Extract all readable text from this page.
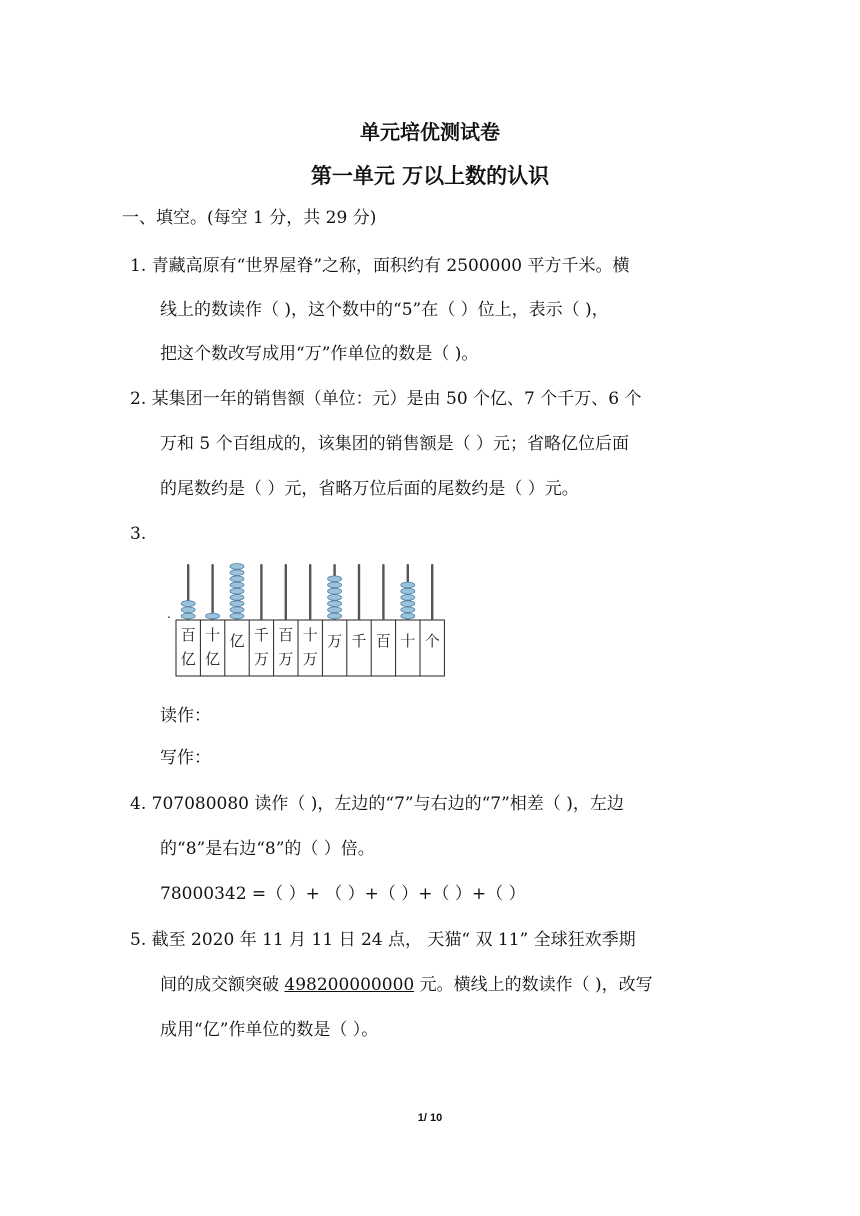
单元培优测试卷
第一单元 万以上数的认识
一、填空。(每空 1 分，共 29 分)
1. 青藏高原有“世界屋脊”之称，面积约有 2500000 平方千米。横
线上的数读作（ )，这个数中的“5”在（ ）位上，表示（ )，
把这个数改写成用“万”作单位的数是（ )。
2. 某集团一年的销售额（单位：元）是由 50 个亿、7 个千万、6 个
万和 5 个百组成的，该集团的销售额是（ ）元；省略亿位后面
的尾数约是（ ）元，省略万位后面的尾数约是（ ）元。
3.
.
百
亿
十
亿
亿 千
万
百
万
十
万
万 千 百 十 个
读作：
写作：
4. 707080080 读作（ )，左边的“7”与右边的“7”相差（ )，左边
的“8”是右边“8”的（ ）倍。
78000342 =（ ）+ （ ）+（ ）+（ ）+（ ）
5. 截至 2020 年 11 月 11 日 24 点， 天猫“ 双 11” 全球狂欢季期
间的成交额突破 498200000000 元。横线上的数读作（ )，改写
成用“亿”作单位的数是（ ）。
1/ 10
